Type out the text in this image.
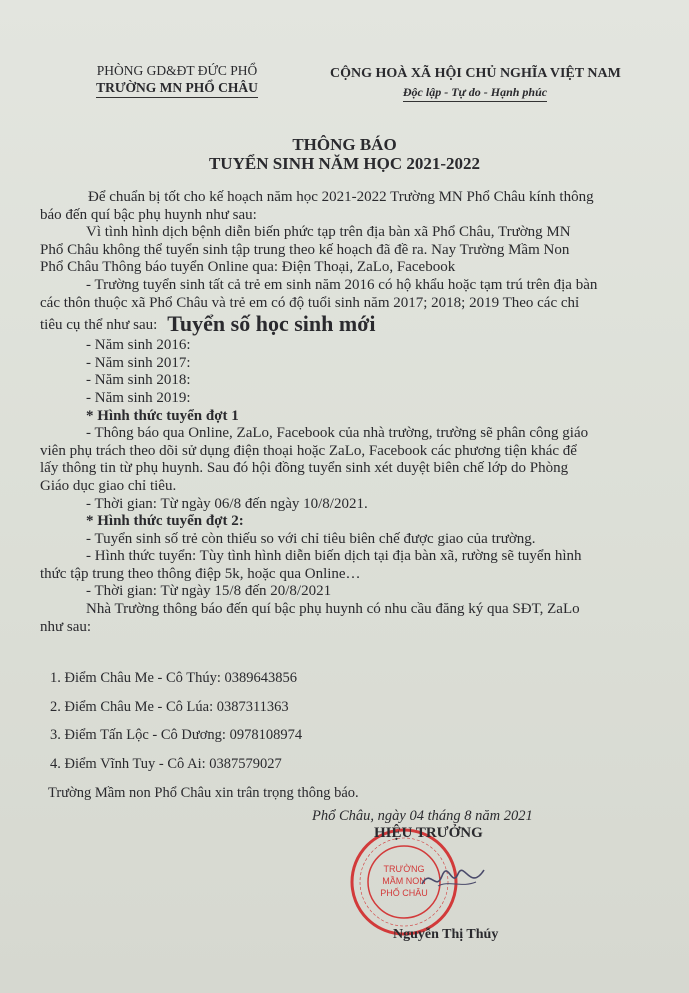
PHÒNG GD&ĐT ĐỨC PHỔ
TRƯỜNG MN PHỔ CHÂU
CỘNG HOÀ XÃ HỘI CHỦ NGHĨA VIỆT NAM
Độc lập - Tự do - Hạnh phúc
THÔNG BÁO
TUYỂN SINH NĂM HỌC 2021-2022

Để chuẩn bị tốt cho kế hoạch năm học 2021-2022 Trường MN Phổ Châu kính thông

báo đến quí bậc phụ huynh như sau:

Vì tình hình dịch bệnh diễn biến phức tạp trên địa bàn xã Phổ Châu, Trường MN

Phổ Châu không thể tuyển sinh tập trung theo kế hoạch đã đề ra. Nay Trường Mầm Non

Phổ Châu Thông báo tuyển Online qua: Điện Thoại, ZaLo, Facebook

- Trường tuyển sinh tất cả trẻ em sinh năm 2016 có hộ khẩu hoặc tạm trú trên địa bàn

các thôn thuộc xã Phổ Châu và trẻ em có độ tuổi sinh năm 2017; 2018; 2019 Theo các chỉ

tiêu cụ thể như sau: Tuyển số học sinh mới

- Năm sinh 2016:

- Năm sinh 2017:

- Năm sinh 2018:

- Năm sinh 2019:

* Hình thức tuyển đợt 1

- Thông báo qua Online, ZaLo, Facebook của nhà trường, trường sẽ phân công giáo

viên phụ trách theo dõi sử dụng điện thoại hoặc ZaLo, Facebook các phương tiện khác để

lấy thông tin từ phụ huynh. Sau đó hội đồng tuyển sinh xét duyệt biên chế lớp do Phòng

Giáo dục giao chỉ tiêu.

- Thời gian: Từ ngày 06/8 đến ngày 10/8/2021.

* Hình thức tuyển đợt 2:

- Tuyển sinh số trẻ còn thiếu so với chỉ tiêu biên chế được giao của trường.

- Hình thức tuyển: Tùy tình hình diễn biến dịch tại địa bàn xã, rường sẽ tuyển hình

thức tập trung theo thông điệp 5k, hoặc qua Online…

- Thời gian: Từ ngày 15/8 đến 20/8/2021

Nhà Trường thông báo đến quí bậc phụ huynh có nhu cầu đăng ký qua SĐT, ZaLo

như sau:

1. Điểm Châu Me - Cô Thúy: 0389643856
2. Điểm Châu Me - Cô Lúa: 0387311363
3. Điểm Tấn Lộc - Cô Dương: 0978108974
4. Điểm Vĩnh Tuy - Cô Ai: 0387579027
Trường Mầm non Phổ Châu xin trân trọng thông báo.
Phổ Châu, ngày 04 tháng 8 năm 2021
TRƯỜNG
MẦM NON
PHỔ CHÂU
HIỆU TRƯỞNG
Nguyễn Thị Thúy
